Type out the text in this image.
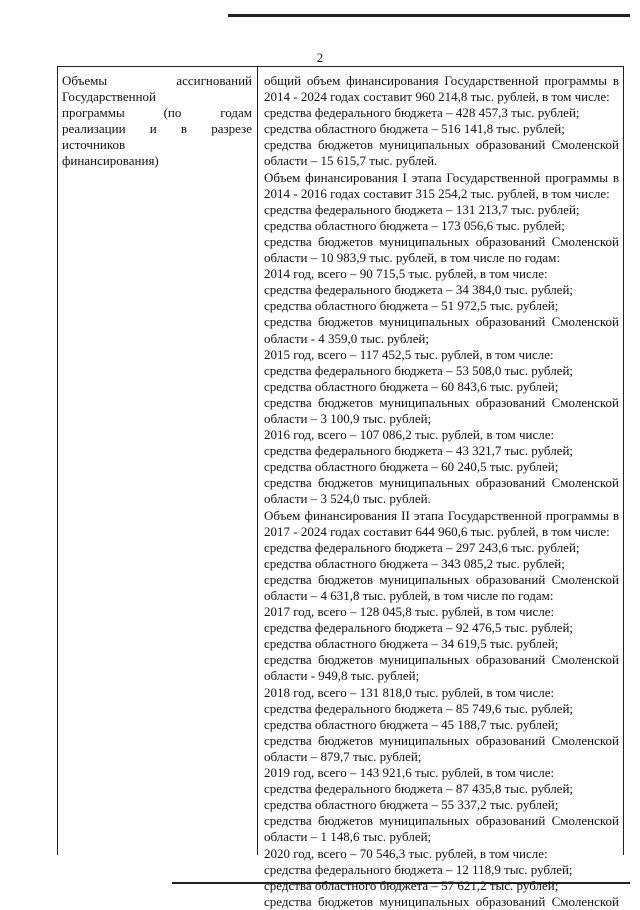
2
Объемы	ассигнований
Государственной
программы	(по	годам
реализации и в разрезе
источников
финансирования)
общий объем финансирования Государственной программы в
2014 - 2024 годах составит 960 214,8 тыс. рублей, в том числе:
средства федерального бюджета – 428 457,3 тыс. рублей;
средства областного бюджета – 516 141,8 тыс. рублей;
средства бюджетов муниципальных образований Смоленской
области – 15 615,7 тыс. рублей.
Объем финансирования I этапа Государственной программы в
2014 - 2016 годах составит 315 254,2 тыс. рублей, в том числе:
средства федерального бюджета – 131 213,7 тыс. рублей;
средства областного бюджета – 173 056,6 тыс. рублей;
средства бюджетов муниципальных образований Смоленской
области – 10 983,9 тыс. рублей, в том числе по годам:
2014 год, всего – 90 715,5 тыс. рублей, в том числе:
средства федерального бюджета – 34 384,0 тыс. рублей;
средства областного бюджета – 51 972,5 тыс. рублей;
средства бюджетов муниципальных образований Смоленской
области - 4 359,0 тыс. рублей;
2015 год, всего – 117 452,5 тыс. рублей, в том числе:
средства федерального бюджета – 53 508,0 тыс. рублей;
средства областного бюджета – 60 843,6 тыс. рублей;
средства бюджетов муниципальных образований Смоленской
области – 3 100,9 тыс. рублей;
2016 год, всего – 107 086,2 тыс. рублей, в том числе:
средства федерального бюджета – 43 321,7 тыс. рублей;
средства областного бюджета – 60 240,5 тыс. рублей;
средства бюджетов муниципальных образований Смоленской
области – 3 524,0 тыс. рублей.
Объем финансирования II этапа Государственной программы в
2017 - 2024 годах составит 644 960,6 тыс. рублей, в том числе:
средства федерального бюджета – 297 243,6 тыс. рублей;
средства областного бюджета – 343 085,2 тыс. рублей;
средства бюджетов муниципальных образований Смоленской
области – 4 631,8 тыс. рублей, в том числе по годам:
2017 год, всего – 128 045,8 тыс. рублей, в том числе:
средства федерального бюджета – 92 476,5 тыс. рублей;
средства областного бюджета – 34 619,5 тыс. рублей;
средства бюджетов муниципальных образований Смоленской
области - 949,8 тыс. рублей;
2018 год, всего – 131 818,0 тыс. рублей, в том числе:
средства федерального бюджета – 85 749,6 тыс. рублей;
средства областного бюджета – 45 188,7 тыс. рублей;
средства бюджетов муниципальных образований Смоленской
области – 879,7 тыс. рублей;
2019 год, всего – 143 921,6 тыс. рублей, в том числе:
средства федерального бюджета – 87 435,8 тыс. рублей;
средства областного бюджета – 55 337,2 тыс. рублей;
средства бюджетов муниципальных образований Смоленской
области – 1 148,6 тыс. рублей;
2020 год, всего – 70 546,3 тыс. рублей, в том числе:
средства федерального бюджета – 12 118,9 тыс. рублей;
средства областного бюджета – 57 621,2 тыс. рублей;
средства бюджетов муниципальных образований Смоленской
